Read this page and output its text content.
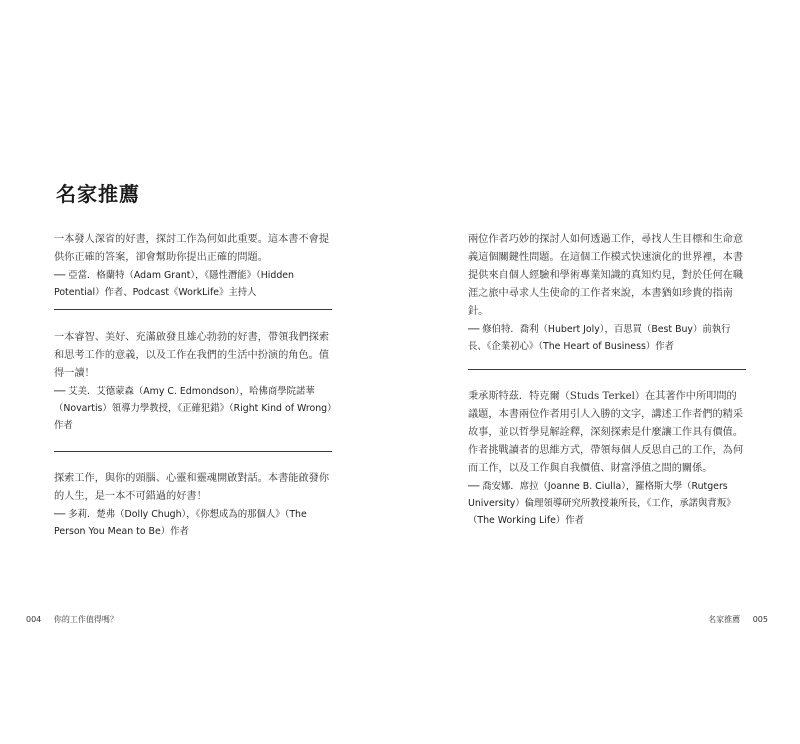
名家推薦

一本發人深省的好書，探討工作為何如此重要。這本書不會提供你正確的答案，卻會幫助你提出正確的問題。

── 亞當．格蘭特（Adam Grant），《隱性潛能》（Hidden Potential）作者、Podcast《WorkLife》主持人

一本睿智、美好、充滿啟發且雄心勃勃的好書，帶領我們探索和思考工作的意義，以及工作在我們的生活中扮演的角色。值得一讀！

── 艾美．艾德蒙森（Amy C. Edmondson），哈佛商學院諾華（Novartis）領導力學教授，《正確犯錯》（Right Kind of Wrong）作者

探索工作，與你的頭腦、心靈和靈魂開啟對話。本書能啟發你的人生，是一本不可錯過的好書！

── 多莉．楚弗（Dolly Chugh），《你想成為的那個人》（The Person You Mean to Be）作者

兩位作者巧妙的探討人如何透過工作，尋找人生目標和生命意義這個關鍵性問題。在這個工作模式快速演化的世界裡，本書提供來自個人經驗和學術專業知識的真知灼見，對於任何在職涯之旅中尋求人生使命的工作者來說，本書猶如珍貴的指南針。

── 修伯特．喬利（Hubert Joly），百思買（Best Buy）前執行長、《企業初心》（The Heart of Business）作者

秉承斯特茲．特克爾（Studs Terkel）在其著作中所叩問的議題，本書兩位作者用引人入勝的文字，講述工作者們的精采故事，並以哲學見解詮釋，深刻探索是什麼讓工作具有價值。作者挑戰讀者的思維方式，帶領每個人反思自己的工作，為何而工作，以及工作與自我價值、財富淨值之間的關係。

── 喬安娜．席拉（Joanne B. Ciulla），羅格斯大學（Rutgers University）倫理領導研究所教授兼所長，《工作，承諾與背叛》（The Working Life）作者

004 你的工作值得嗎？	名家推薦 005
